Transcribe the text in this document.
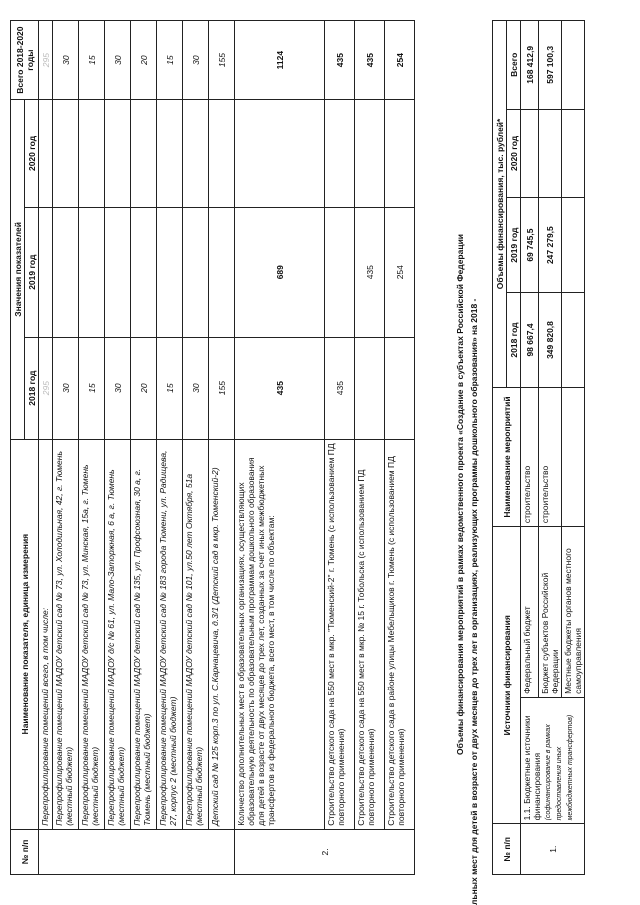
№ п/п	Наименование показателя, единица измерения	Значения показателей			Всего 2018-2020 годы
		2018 год	2019 год	2020 год	
	Перепрофилирование помещений всего, в том числе:	295			295
	Перепрофилирование помещений МАДОУ детский сад № 73, ул. Холодильная, 42, г. Тюмень (местный бюджет)	30			30
	Перепрофилирование помещений МАДОУ детский сад № 73, ул. Минская, 15а, г. Тюмень (местный бюджет)	15			15
	Перепрофилирование помещений МАДОУ д/с № 61, ул. Мало-Заторжная, 6 а, г. Тюмень (местный бюджет)	30			30
	Перепрофилирование помещений МАДОУ детский сад № 135, ул. Профсоюзная, 30 а, г. Тюмень (местный бюджет)	20			20
	Перепрофилирование помещений МАДОУ детский сад № 183 города Тюмени, ул. Радищева, 27, корпус 2 (местный бюджет)	15			15
	Перепрофилирование помещений МАДОУ детский сад № 101, ул.50 лет Октября, 51а (местный бюджет)	30			30
	Детский сад № 125 корп.3 по ул. С.Карнацевича, д.3/1 (Детский сад в мкр. Тюменский-2)	155			155
2.	Количество дополнительных мест в образовательных организациях, осуществляющих образовательную деятельность по образовательным программам дошкольного образования для детей в возрасте от двух месяцев до трех лет, созданных за счет иных межбюджетных трансфертов из федерального бюджета, всего мест, в том числе по объектам:	435	689		1124
	Строительство детского сада на 550 мест в мкр. "Тюменский-2" г. Тюмень (с использованием ПД повторного применения)	435			435
	Строительство детского сада на 550 мест в мкр. № 15 г. Тобольска (с использованием ПД повторного применения)		435		435
	Строительство детского сада в районе улицы Мебельщиков г. Тюмень (с использованием ПД повторного применения)		254		254
Объемы финансирования мероприятий в рамках ведомственного проекта «Создание в субъектах Российской Федерации льных мест для детей в возрасте от двух месяцев до трех лет в организациях, реализующих программы дошкольного образования» на 2018 -	№ п/п	Источники финансирования		Наименование мероприятий	Объемы финансирования, тыс. рублей*			
				2018 год	2019 год	2020 год	Всего
1.	1.1. Бюджетные источники финансирования (софинансирование в рамках предоставления иных межбюджетных трансфертов)	Федеральный бюджет	строительство	98 667,4	69 745,5		168 412,9
		Бюджет субъектов Российской Федерации	строительство	349 820,8	247 279,5		597 100,3
		Местные бюджеты органов местного самоуправления					
